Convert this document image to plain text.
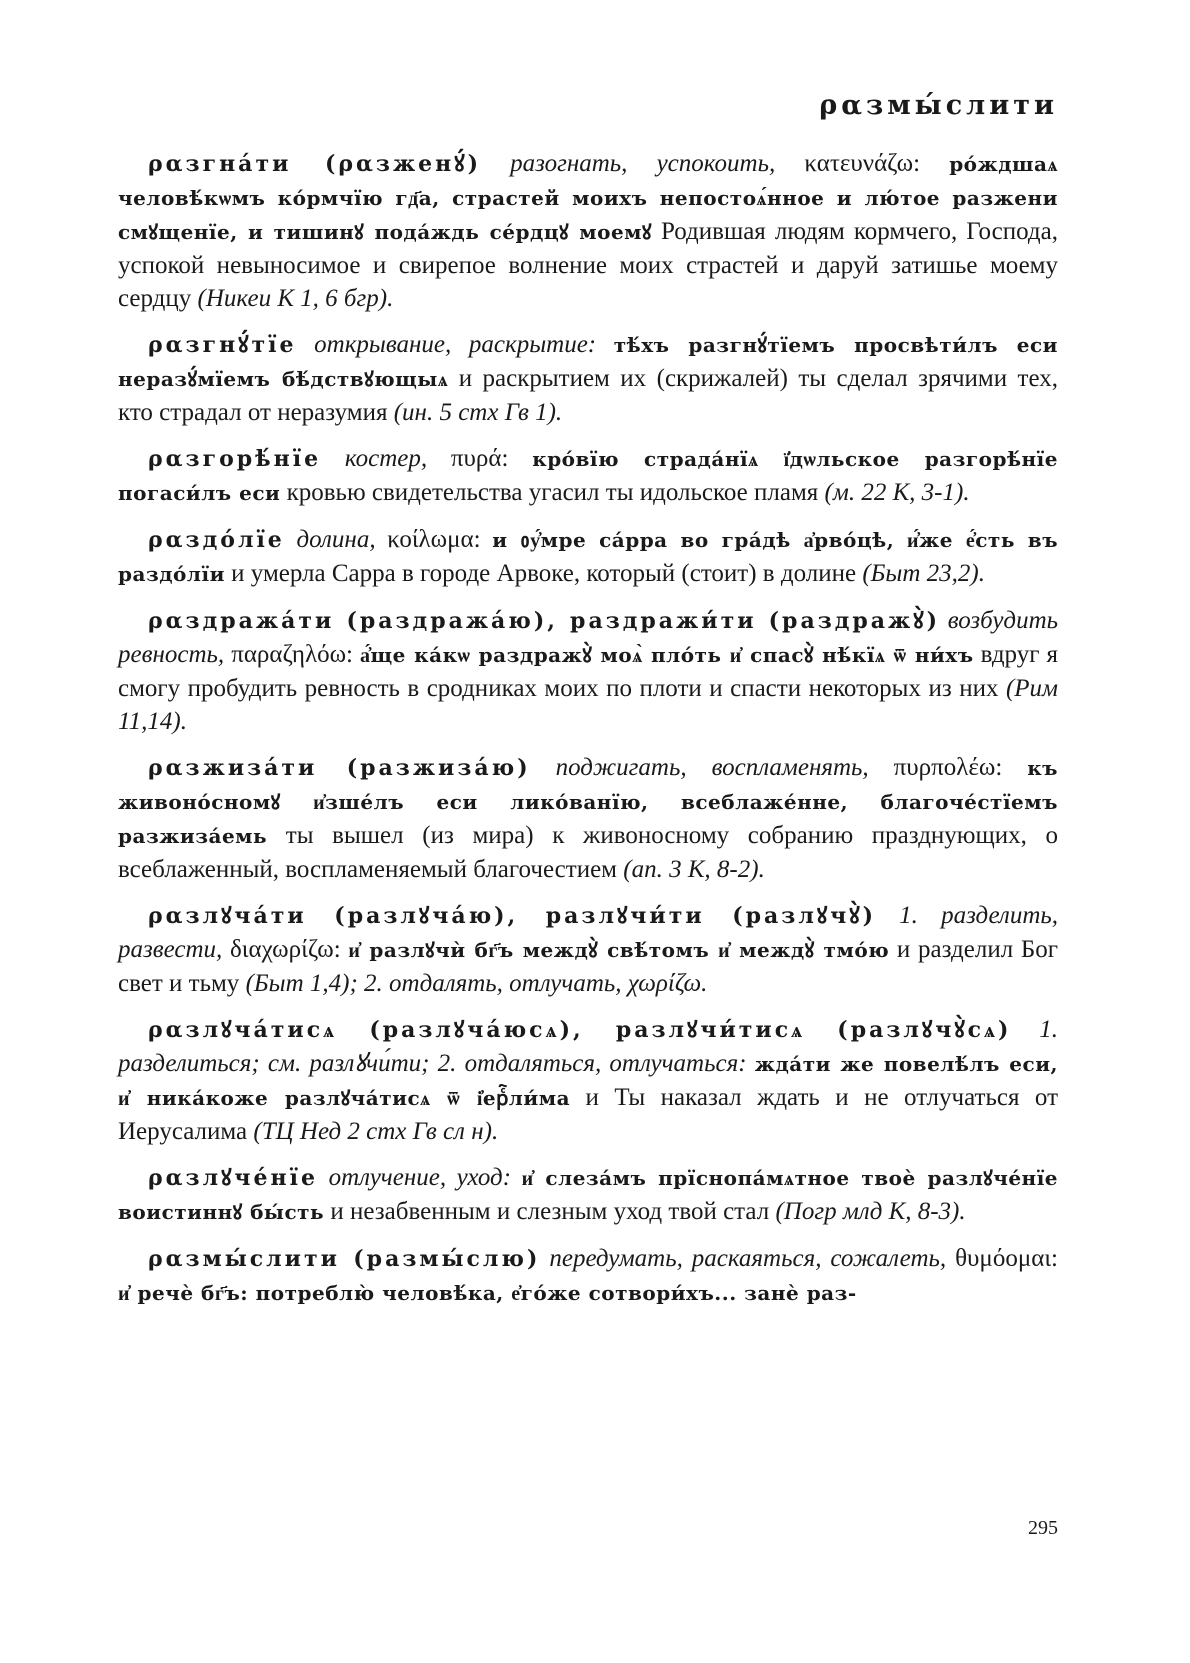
ραзмы́слити

ραзгна́ти (ραзженꙋ́) разогнать, успокоить, κατευνάζω: ро́ждшаѧ человѣ́кѡмъ ко́рмчїю гд҃а, страстей моихъ непостоѧ́нное и лю́тое разжени смꙋщенїе, и тишинꙋ пода́ждь се́рдцꙋ моемꙋ Родившая людям кормчего, Господа, успокой невыносимое и свирепое волнение моих страстей и даруй затишье моему сердцу (Никеи К 1, 6 бгр).

ραзгнꙋ́тїе открывание, раскрытие: тѣ́хъ разгнꙋ́тїемъ просвѣти́лъ еси неразꙋ́мїемъ бѣ́дствꙋющыѧ и раскрытием их (скрижалей) ты сделал зрячими тех, кто страдал от неразумия (ин. 5 стх Гв 1).

ραзгорѣ́нїе костер, πυρά: кро́вїю страда́нїѧ ї҆дѡльское разгорѣ́нїе погаси́лъ еси кровью свидетельства угасил ты идольское пламя (м. 22 К, 3-1).

ραздо́лїе долина, κοίλωμα: и ᲂу҆́мре са́рра во гра́дѣ а҆рво́цѣ, и҆́же е҆́сть въ раздо́лїи и умерла Сарра в городе Арвоке, который (стоит) в долине (Быт 23,2).

ραздража́ти (раздража́ю), раздражи́ти (раздражꙋ̀) возбудить ревность, παραζηλόω: а҆́ще ка́кѡ раздражꙋ̀ моѧ̀ пло́ть и҆ спасꙋ̀ нѣ́кїѧ ѿ ни́хъ вдруг я смогу пробудить ревность в сродниках моих по плоти и спасти некоторых из них (Рим 11,14).

ραзжиза́ти (разжиза́ю) поджигать, воспламенять, πυρπολέω: къ живоно́сномꙋ и҆зше́лъ еси лико́ванїю, всеблаже́нне, благоче́стїемъ разжиза́емь ты вышел (из мира) к живоносному собранию празднующих, о всеблаженный, воспламеняемый благочестием (ап. 3 К, 8-2).

ραзлꙋча́ти (разлꙋча́ю), разлꙋчи́ти (разлꙋчꙋ̀) 1. разделить, развести, διαχωρίζω: и҆ разлꙋчѝ бг҃ъ междꙋ̀ свѣ́томъ и҆ междꙋ̀ тмо́ю и разделил Бог свет и тьму (Быт 1,4); 2. отдалять, отлучать, χωρίζω.

ραзлꙋча́тисѧ (разлꙋча́юсѧ), разлꙋчи́тисѧ (разлꙋчꙋ̀сѧ) 1. разделиться; см. разлꙋчи́ти; 2. отдаляться, отлучаться: жда́ти же повелѣ́лъ еси, и҆ ника́коже разлꙋча́тисѧ ѿ і҆ерⷭ҇ли́ма и Ты наказал ждать и не отлучаться от Иерусалима (ТЦ Нед 2 стх Гв сл н).

ραзлꙋче́нїе отлучение, уход: и҆ слеза́мъ прїснопа́мѧтное твоѐ разлꙋче́нїе воистиннꙋ бы́сть и незабвенным и слезным уход твой стал (Погр млд К, 8-3).

ραзмы́слити (размы́слю) передумать, раскаяться, сожалеть, θυμόομαι: и҆ речѐ бг҃ъ: потреблю̀ человѣ́ка, е҆го́же сотвори́хъ... занѐ раз-

295
